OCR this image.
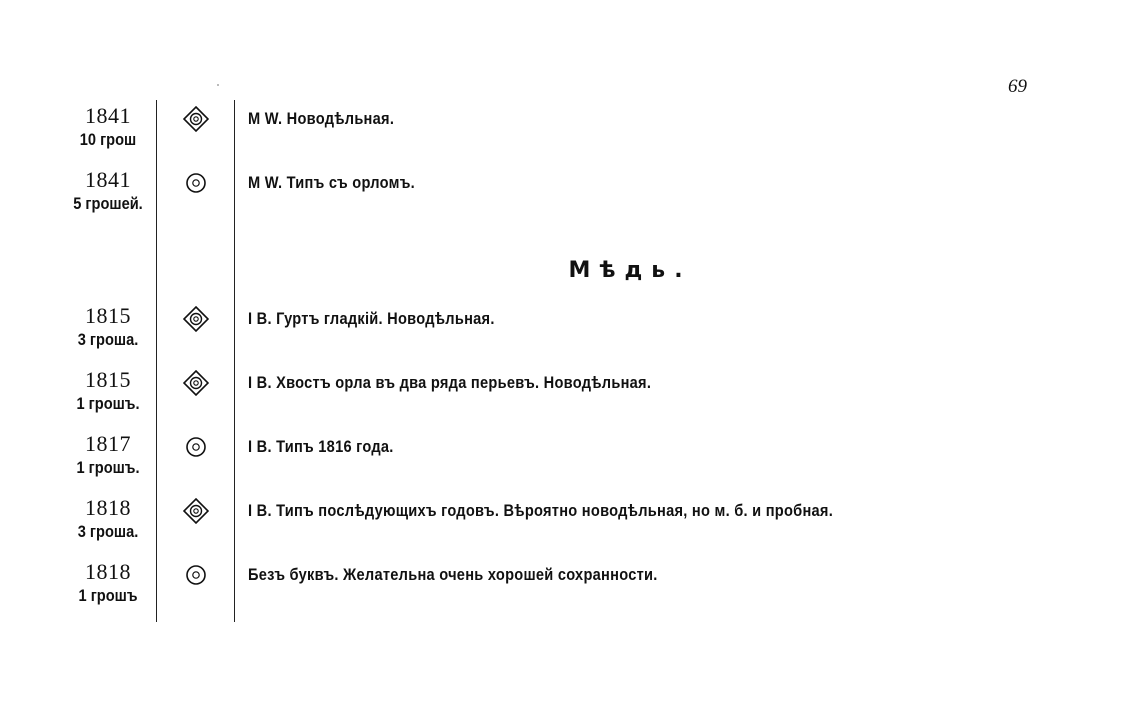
69
1841
10 грош
M W. Новодѣльная.
1841
5 грошей.
M W. Типъ съ орломъ.
Мѣдь.
1815
3 гроша.
I B. Гуртъ гладкій. Новодѣльная.
1815
1 грошъ.
I B. Хвостъ орла въ два ряда перьевъ. Новодѣльная.
1817
1 грошъ.
I B. Типъ 1816 года.
1818
3 гроша.
I B. Типъ послѣдующихъ годовъ. Вѣроятно новодѣльная, но м. б. и пробная.
1818
1 грошъ
Безъ буквъ. Желательна очень хорошей сохранности.
